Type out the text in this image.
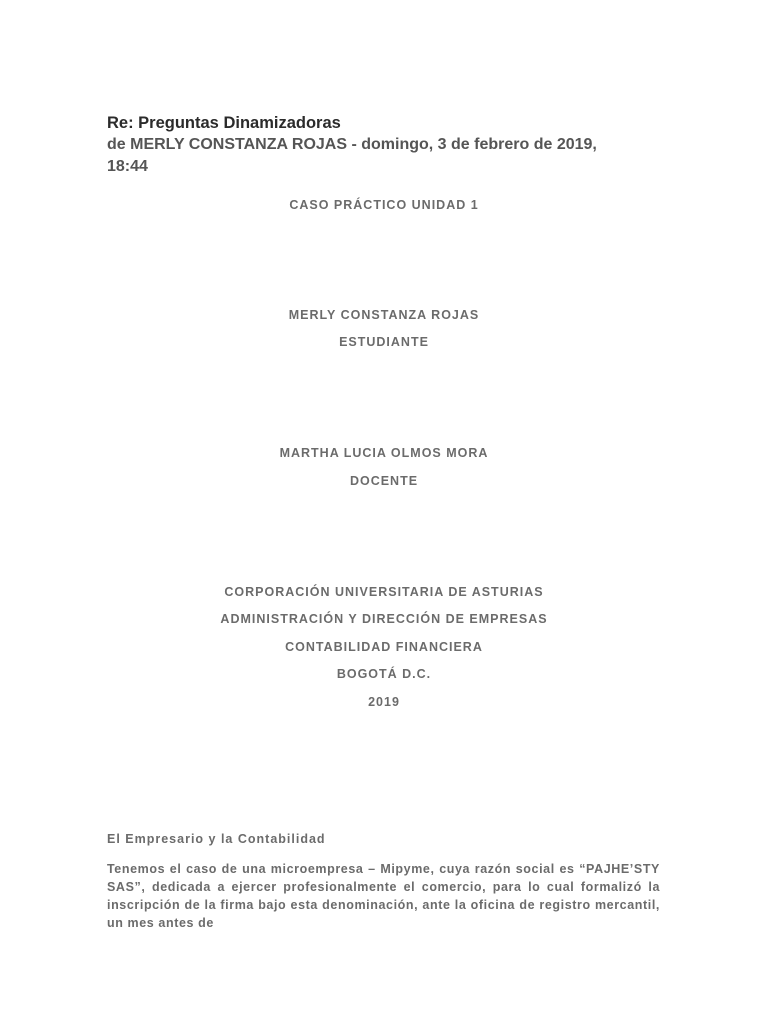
Re: Preguntas Dinamizadoras

de MERLY CONSTANZA ROJAS - domingo, 3 de febrero de 2019,

18:44

CASO PRÁCTICO UNIDAD 1

MERLY CONSTANZA ROJAS

ESTUDIANTE

MARTHA LUCIA OLMOS MORA

DOCENTE

CORPORACIÓN UNIVERSITARIA DE ASTURIAS

ADMINISTRACIÓN Y DIRECCIÓN DE EMPRESAS

CONTABILIDAD FINANCIERA

BOGOTÁ D.C.

2019

El Empresario y la Contabilidad

Tenemos el caso de una microempresa – Mipyme, cuya razón social es “PAJHE’STY SAS”, dedicada a ejercer profesionalmente el comercio, para lo cual formalizó la inscripción de la firma bajo esta denominación, ante la oficina de registro mercantil, un mes antes de
